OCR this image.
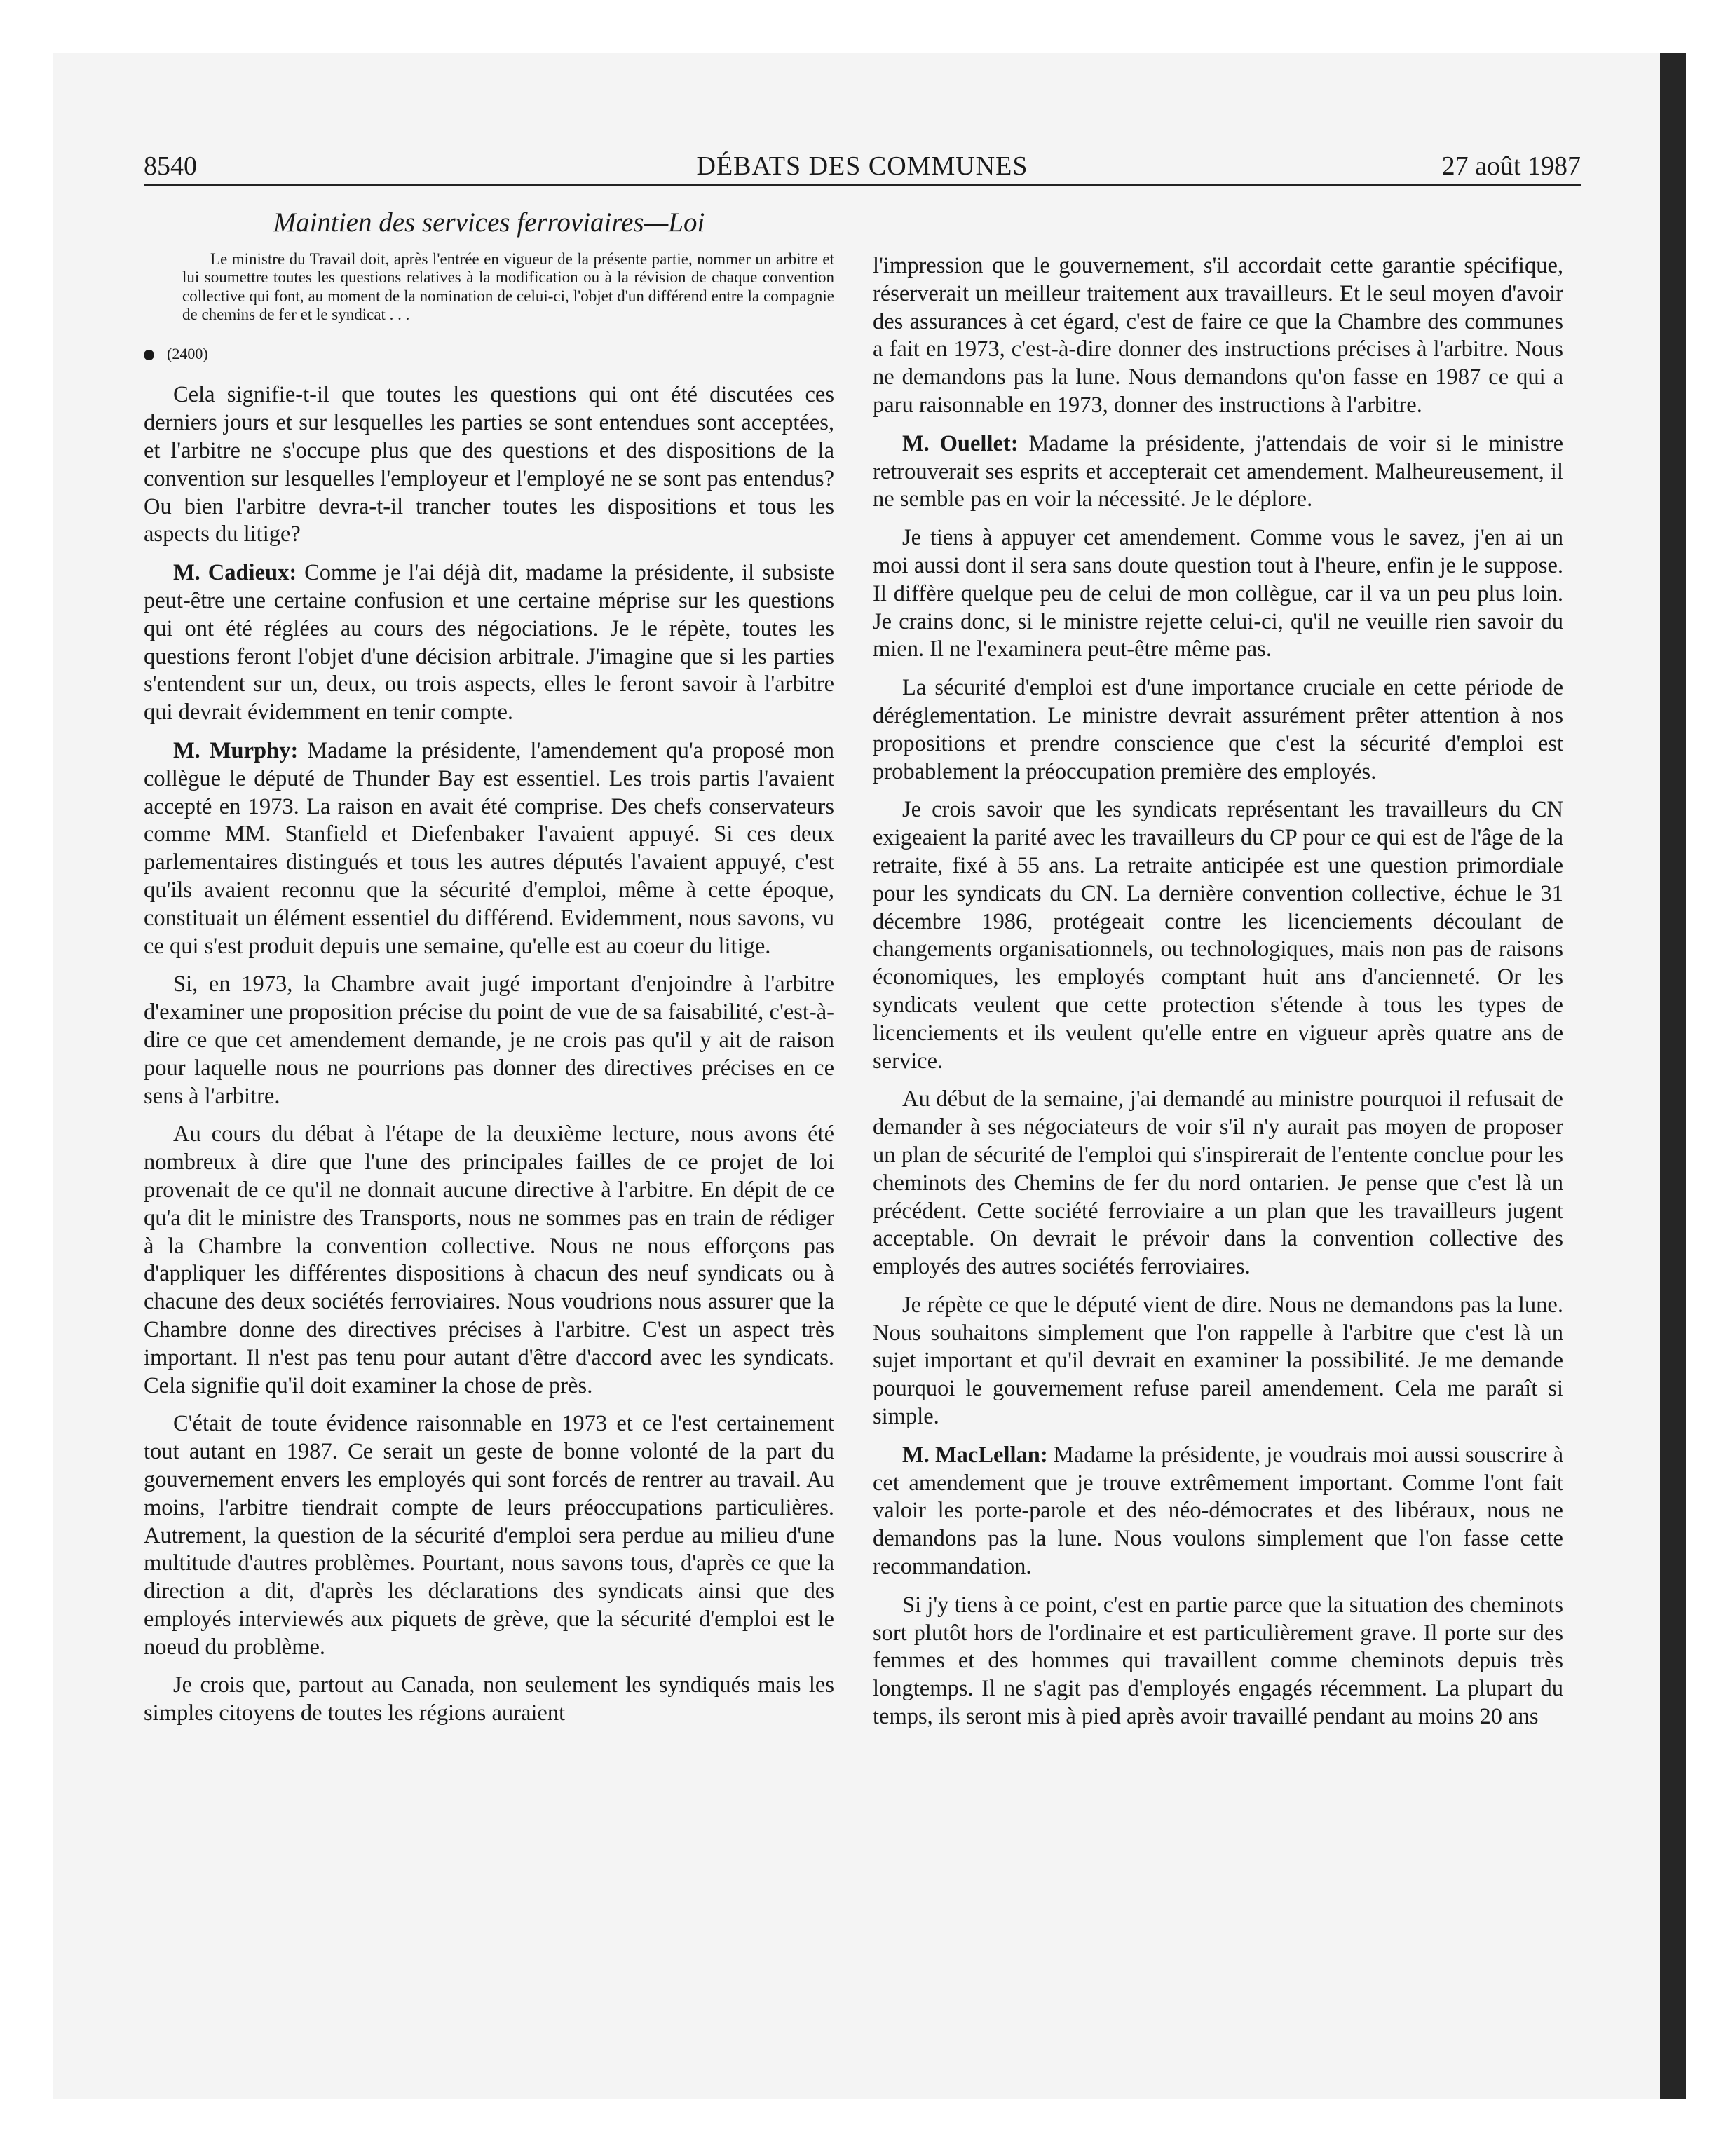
8540	DÉBATS DES COMMUNES	27 août 1987
Maintien des services ferroviaires—Loi
Le ministre du Travail doit, après l'entrée en vigueur de la présente partie, nommer un arbitre et lui soumettre toutes les questions relatives à la modification ou à la révision de chaque convention collective qui font, au moment de la nomination de celui-ci, l'objet d'un différend entre la compagnie de chemins de fer et le syndicat . . .
(2400)
Cela signifie-t-il que toutes les questions qui ont été discutées ces derniers jours et sur lesquelles les parties se sont entendues sont acceptées, et l'arbitre ne s'occupe plus que des questions et des dispositions de la convention sur lesquelles l'employeur et l'employé ne se sont pas entendus? Ou bien l'arbitre devra-t-il trancher toutes les dispositions et tous les aspects du litige?
M. Cadieux: Comme je l'ai déjà dit, madame la présidente, il subsiste peut-être une certaine confusion et une certaine méprise sur les questions qui ont été réglées au cours des négociations. Je le répète, toutes les questions feront l'objet d'une décision arbitrale. J'imagine que si les parties s'entendent sur un, deux, ou trois aspects, elles le feront savoir à l'arbitre qui devrait évidemment en tenir compte.
M. Murphy: Madame la présidente, l'amendement qu'a proposé mon collègue le député de Thunder Bay est essentiel. Les trois partis l'avaient accepté en 1973. La raison en avait été comprise. Des chefs conservateurs comme MM. Stanfield et Diefenbaker l'avaient appuyé. Si ces deux parlementaires distingués et tous les autres députés l'avaient appuyé, c'est qu'ils avaient reconnu que la sécurité d'emploi, même à cette époque, constituait un élément essentiel du différend. Evidemment, nous savons, vu ce qui s'est produit depuis une semaine, qu'elle est au coeur du litige.
Si, en 1973, la Chambre avait jugé important d'enjoindre à l'arbitre d'examiner une proposition précise du point de vue de sa faisabilité, c'est-à-dire ce que cet amendement demande, je ne crois pas qu'il y ait de raison pour laquelle nous ne pourrions pas donner des directives précises en ce sens à l'arbitre.
Au cours du débat à l'étape de la deuxième lecture, nous avons été nombreux à dire que l'une des principales failles de ce projet de loi provenait de ce qu'il ne donnait aucune directive à l'arbitre. En dépit de ce qu'a dit le ministre des Transports, nous ne sommes pas en train de rédiger à la Chambre la convention collective. Nous ne nous efforçons pas d'appliquer les différentes dispositions à chacun des neuf syndicats ou à chacune des deux sociétés ferroviaires. Nous voudrions nous assurer que la Chambre donne des directives précises à l'arbitre. C'est un aspect très important. Il n'est pas tenu pour autant d'être d'accord avec les syndicats. Cela signifie qu'il doit examiner la chose de près.
C'était de toute évidence raisonnable en 1973 et ce l'est certainement tout autant en 1987. Ce serait un geste de bonne volonté de la part du gouvernement envers les employés qui sont forcés de rentrer au travail. Au moins, l'arbitre tiendrait compte de leurs préoccupations particulières. Autrement, la question de la sécurité d'emploi sera perdue au milieu d'une multitude d'autres problèmes. Pourtant, nous savons tous, d'après ce que la direction a dit, d'après les déclarations des syndicats ainsi que des employés interviewés aux piquets de grève, que la sécurité d'emploi est le noeud du problème.
Je crois que, partout au Canada, non seulement les syndiqués mais les simples citoyens de toutes les régions auraient
l'impression que le gouvernement, s'il accordait cette garantie spécifique, réserverait un meilleur traitement aux travailleurs. Et le seul moyen d'avoir des assurances à cet égard, c'est de faire ce que la Chambre des communes a fait en 1973, c'est-à-dire donner des instructions précises à l'arbitre. Nous ne demandons pas la lune. Nous demandons qu'on fasse en 1987 ce qui a paru raisonnable en 1973, donner des instructions à l'arbitre.
M. Ouellet: Madame la présidente, j'attendais de voir si le ministre retrouverait ses esprits et accepterait cet amendement. Malheureusement, il ne semble pas en voir la nécessité. Je le déplore.
Je tiens à appuyer cet amendement. Comme vous le savez, j'en ai un moi aussi dont il sera sans doute question tout à l'heure, enfin je le suppose. Il diffère quelque peu de celui de mon collègue, car il va un peu plus loin. Je crains donc, si le ministre rejette celui-ci, qu'il ne veuille rien savoir du mien. Il ne l'examinera peut-être même pas.
La sécurité d'emploi est d'une importance cruciale en cette période de déréglementation. Le ministre devrait assurément prêter attention à nos propositions et prendre conscience que c'est la sécurité d'emploi est probablement la préoccupation première des employés.
Je crois savoir que les syndicats représentant les travailleurs du CN exigeaient la parité avec les travailleurs du CP pour ce qui est de l'âge de la retraite, fixé à 55 ans. La retraite anticipée est une question primordiale pour les syndicats du CN. La dernière convention collective, échue le 31 décembre 1986, protégeait contre les licenciements découlant de changements organisationnels, ou technologiques, mais non pas de raisons économiques, les employés comptant huit ans d'ancienneté. Or les syndicats veulent que cette protection s'étende à tous les types de licenciements et ils veulent qu'elle entre en vigueur après quatre ans de service.
Au début de la semaine, j'ai demandé au ministre pourquoi il refusait de demander à ses négociateurs de voir s'il n'y aurait pas moyen de proposer un plan de sécurité de l'emploi qui s'inspirerait de l'entente conclue pour les cheminots des Chemins de fer du nord ontarien. Je pense que c'est là un précédent. Cette société ferroviaire a un plan que les travailleurs jugent acceptable. On devrait le prévoir dans la convention collective des employés des autres sociétés ferroviaires.
Je répète ce que le député vient de dire. Nous ne demandons pas la lune. Nous souhaitons simplement que l'on rappelle à l'arbitre que c'est là un sujet important et qu'il devrait en examiner la possibilité. Je me demande pourquoi le gouvernement refuse pareil amendement. Cela me paraît si simple.
M. MacLellan: Madame la présidente, je voudrais moi aussi souscrire à cet amendement que je trouve extrêmement important. Comme l'ont fait valoir les porte-parole et des néo-démocrates et des libéraux, nous ne demandons pas la lune. Nous voulons simplement que l'on fasse cette recommandation.
Si j'y tiens à ce point, c'est en partie parce que la situation des cheminots sort plutôt hors de l'ordinaire et est particulièrement grave. Il porte sur des femmes et des hommes qui travaillent comme cheminots depuis très longtemps. Il ne s'agit pas d'employés engagés récemment. La plupart du temps, ils seront mis à pied après avoir travaillé pendant au moins 20 ans
